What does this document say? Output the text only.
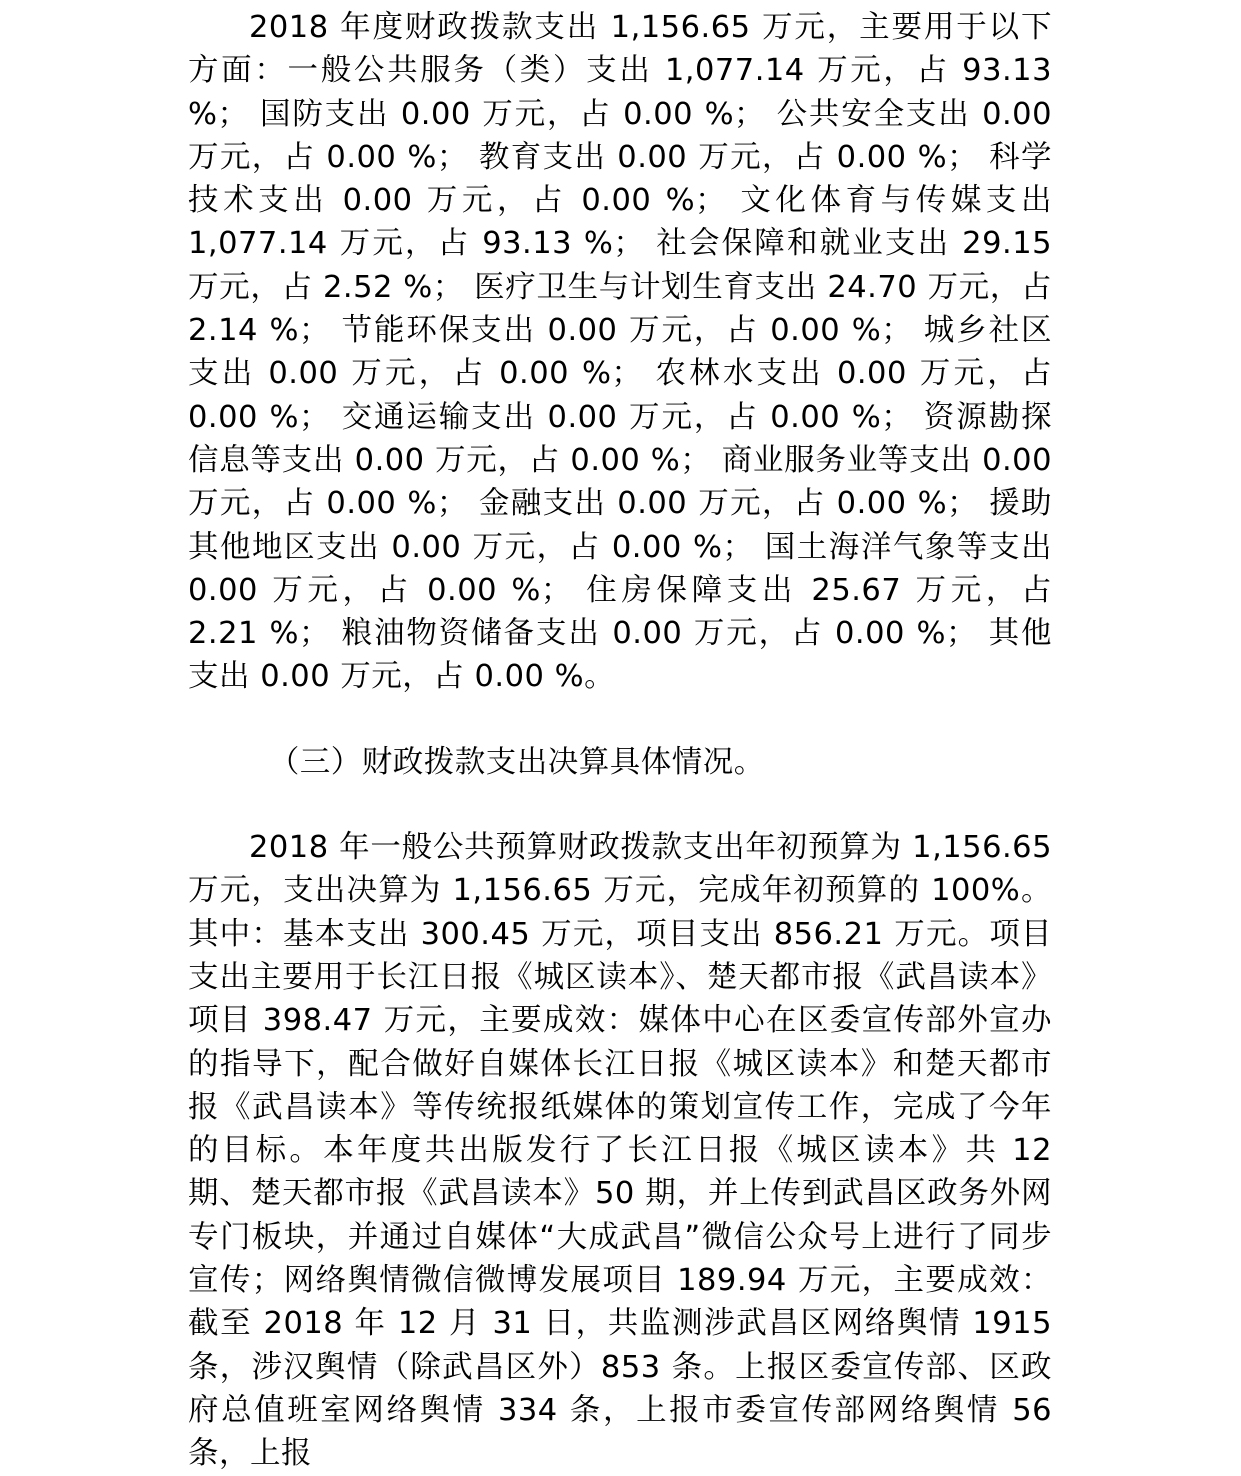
2018 年度财政拨款支出 1,156.65 万元，主要用于以下方面：一般公共服务（类）支出 1,077.14 万元，占 93.13 %； 国防支出 0.00 万元，占 0.00 %； 公共安全支出 0.00 万元，占 0.00 %； 教育支出 0.00 万元，占 0.00 %； 科学技术支出 0.00 万元，占 0.00 %； 文化体育与传媒支出 1,077.14 万元，占 93.13 %； 社会保障和就业支出 29.15 万元，占 2.52 %； 医疗卫生与计划生育支出 24.70 万元，占 2.14 %； 节能环保支出 0.00 万元，占 0.00 %； 城乡社区支出 0.00 万元，占 0.00 %； 农林水支出 0.00 万元，占 0.00 %； 交通运输支出 0.00 万元，占 0.00 %； 资源勘探信息等支出 0.00 万元，占 0.00 %； 商业服务业等支出 0.00 万元，占 0.00 %； 金融支出 0.00 万元，占 0.00 %； 援助其他地区支出 0.00 万元，占 0.00 %； 国土海洋气象等支出 0.00 万元，占 0.00 %； 住房保障支出 25.67 万元，占 2.21 %； 粮油物资储备支出 0.00 万元，占 0.00 %； 其他支出 0.00 万元，占 0.00 %。

（三）财政拨款支出决算具体情况。

2018 年一般公共预算财政拨款支出年初预算为 1,156.65 万元，支出决算为 1,156.65 万元，完成年初预算的 100%。其中：基本支出 300.45 万元，项目支出 856.21 万元。项目支出主要用于长江日报《城区读本》、楚天都市报《武昌读本》项目 398.47 万元，主要成效：媒体中心在区委宣传部外宣办的指导下，配合做好自媒体长江日报《城区读本》和楚天都市报《武昌读本》等传统报纸媒体的策划宣传工作，完成了今年的目标。本年度共出版发行了长江日报《城区读本》共 12 期、楚天都市报《武昌读本》50 期，并上传到武昌区政务外网专门板块，并通过自媒体“大成武昌”微信公众号上进行了同步宣传；网络舆情微信微博发展项目 189.94 万元，主要成效：截至 2018 年 12 月 31 日，共监测涉武昌区网络舆情 1915 条，涉汉舆情（除武昌区外）853 条。上报区委宣传部、区政府总值班室网络舆情 334 条，上报市委宣传部网络舆情 56 条，上报
